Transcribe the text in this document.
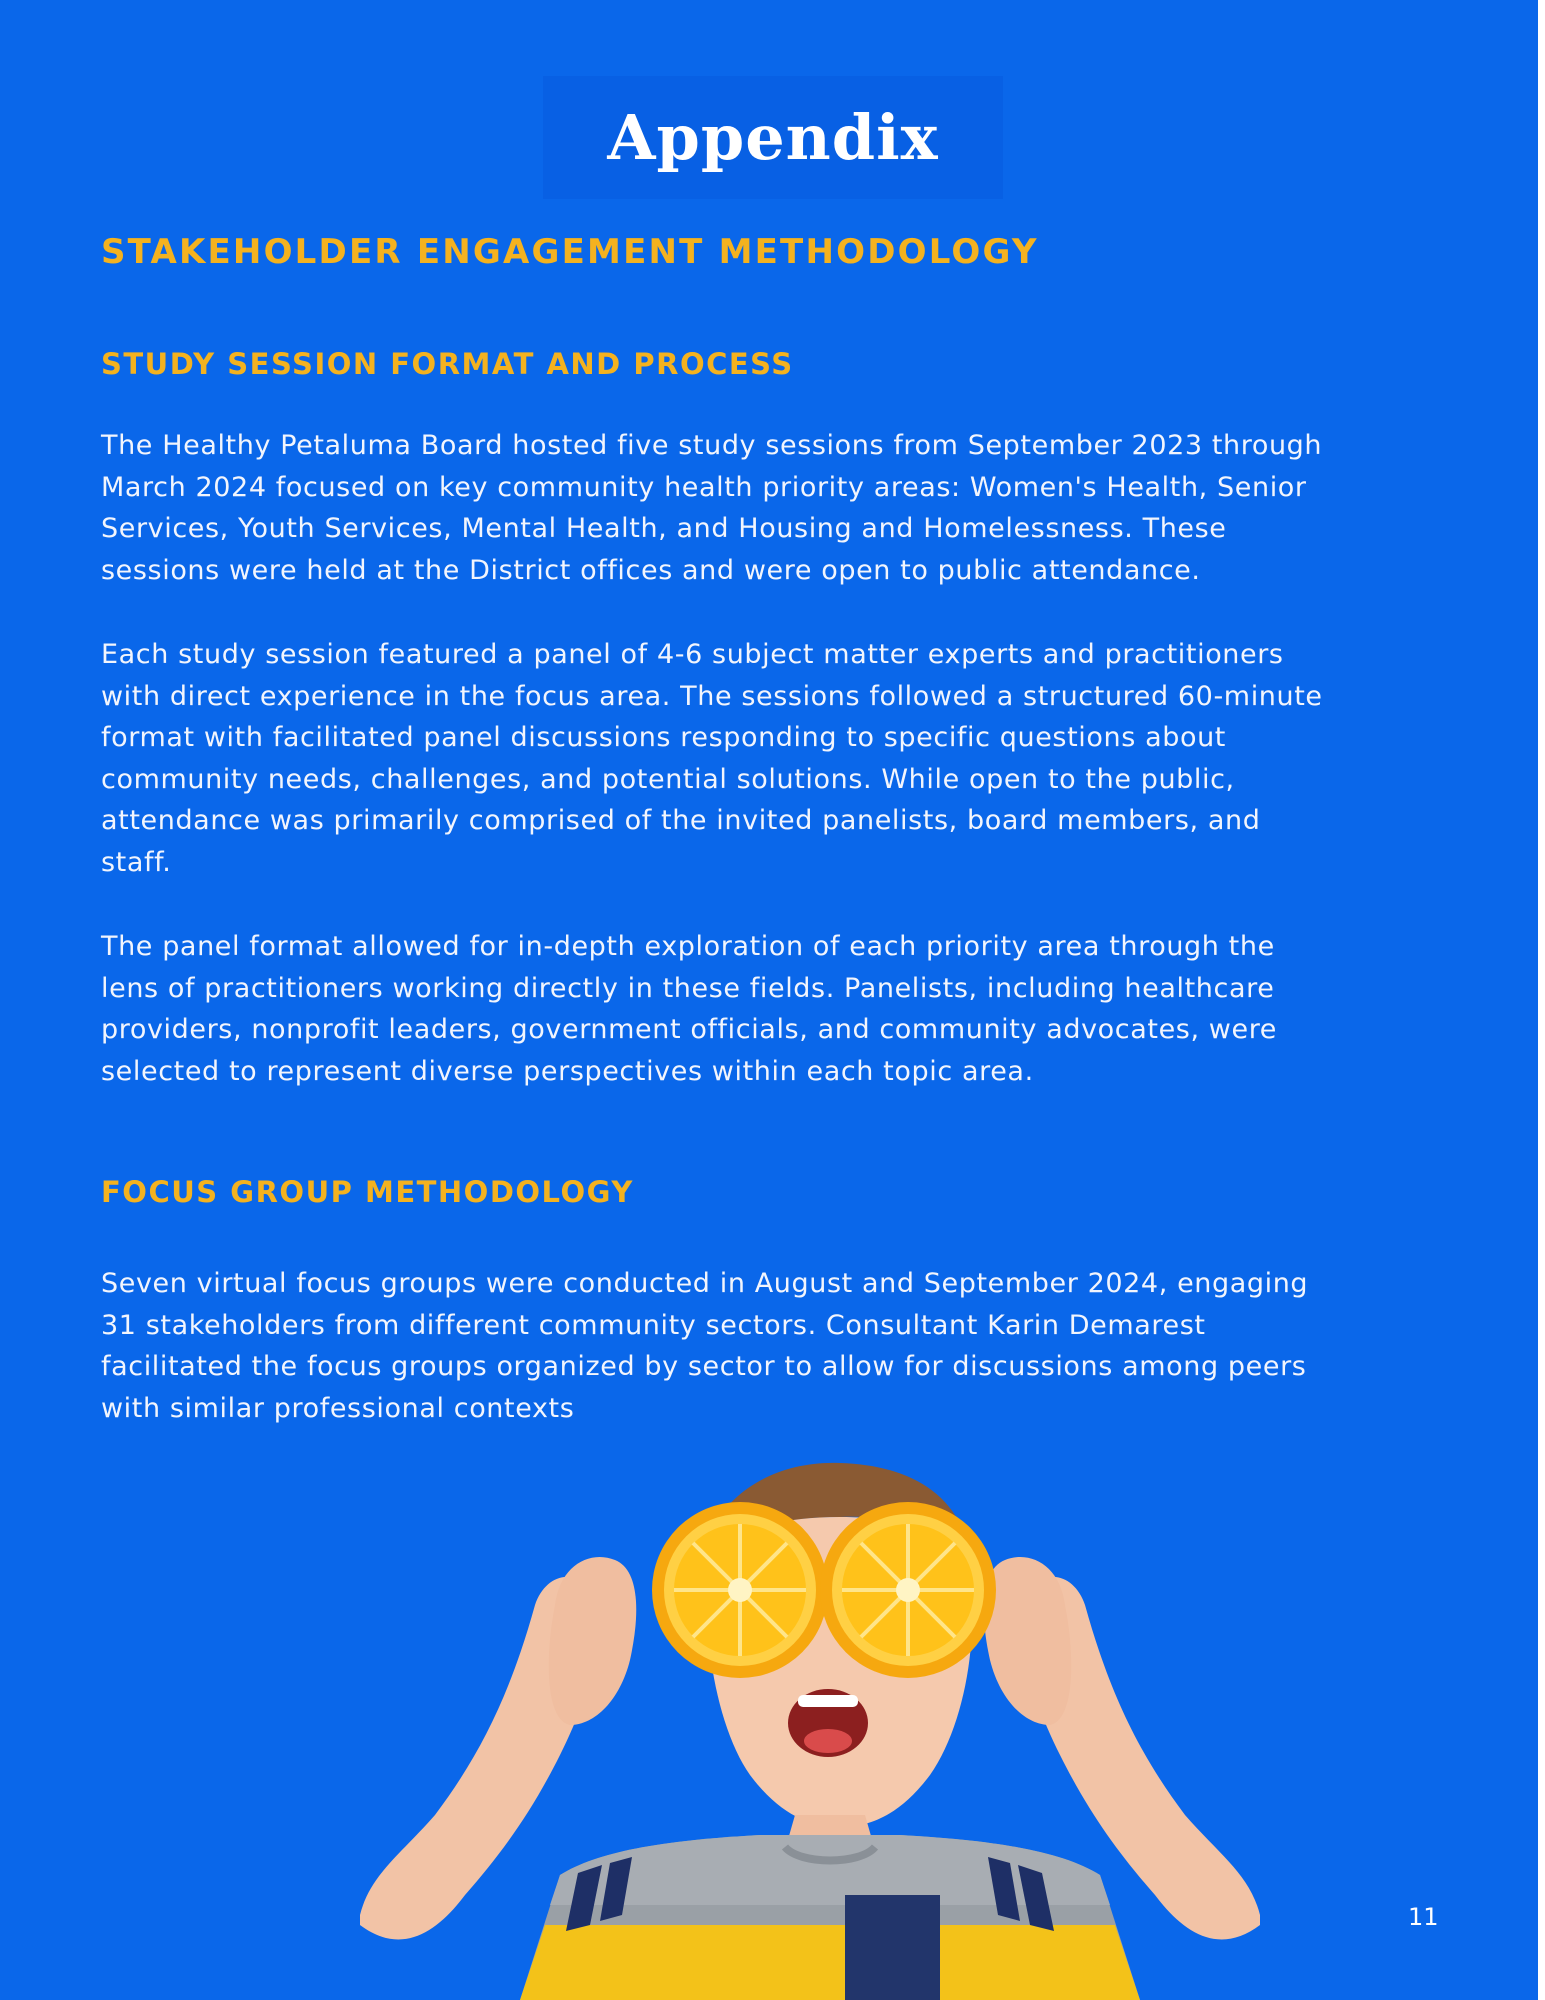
Appendix
STAKEHOLDER ENGAGEMENT METHODOLOGY
STUDY SESSION FORMAT AND PROCESS

The Healthy Petaluma Board hosted five study sessions from September 2023 through
March 2024 focused on key community health priority areas: Women's Health, Senior
Services, Youth Services, Mental Health, and Housing and Homelessness. These
sessions were held at the District offices and were open to public attendance.

Each study session featured a panel of 4-6 subject matter experts and practitioners
with direct experience in the focus area. The sessions followed a structured 60-minute
format with facilitated panel discussions responding to specific questions about
community needs, challenges, and potential solutions. While open to the public,
attendance was primarily comprised of the invited panelists, board members, and
staff.

The panel format allowed for in-depth exploration of each priority area through the
lens of practitioners working directly in these fields. Panelists, including healthcare
providers, nonprofit leaders, government officials, and community advocates, were
selected to represent diverse perspectives within each topic area.

FOCUS GROUP METHODOLOGY

Seven virtual focus groups were conducted in August and September 2024, engaging
31 stakeholders from different community sectors. Consultant Karin Demarest
facilitated the focus groups organized by sector to allow for discussions among peers
with similar professional contexts

11
